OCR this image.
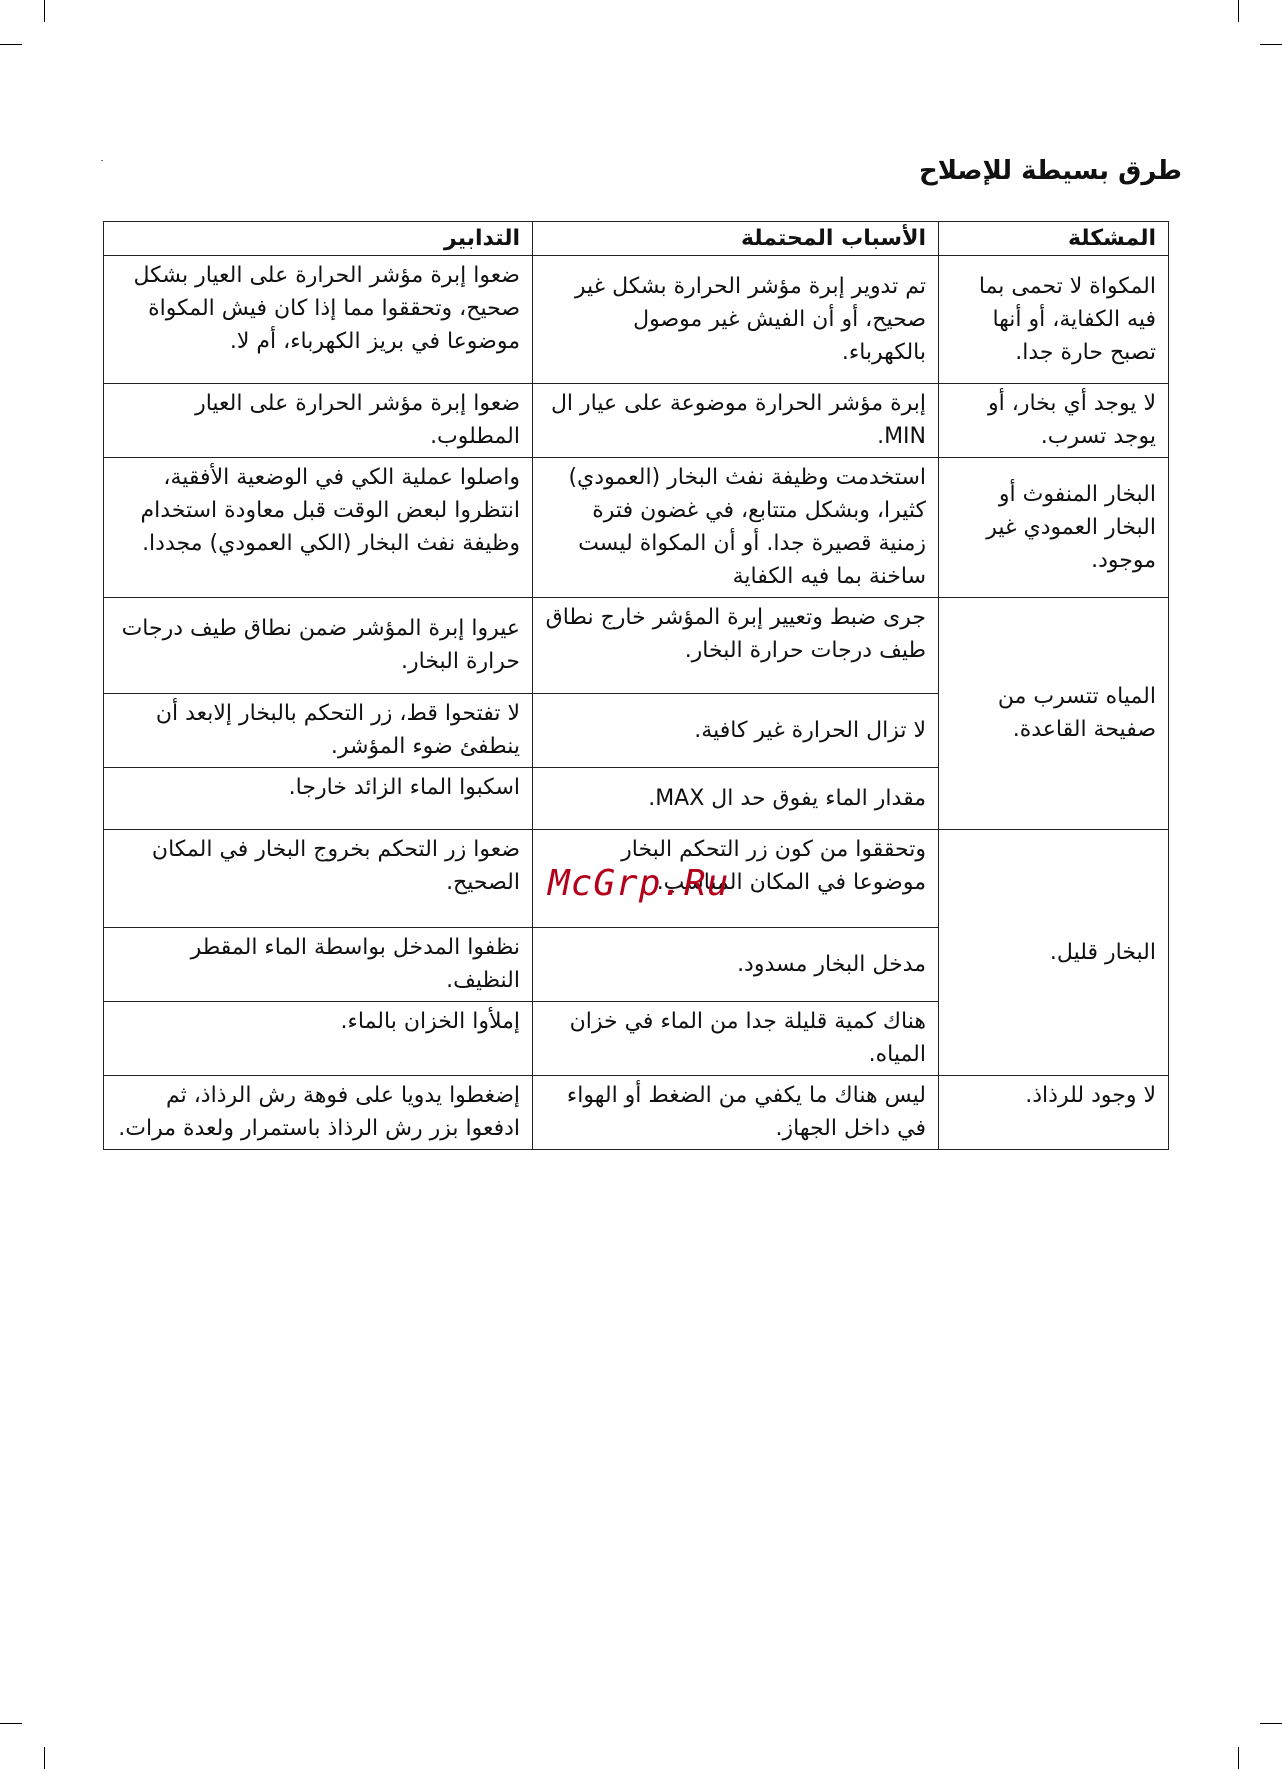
طرق بسيطة للإصلاح
المشكلة	الأسباب المحتملة	التدابير
المكواة لا تحمى بما فيه الكفاية، أو أنها تصبح حارة جدا.	تم تدوير إبرة مؤشر الحرارة بشكل غير صحيح، أو أن الفيش غير موصول بالكهرباء.	ضعوا إبرة مؤشر الحرارة على العيار بشكل صحيح، وتحققوا مما إذا كان فيش المكواة موضوعا في بريز الكهرباء، أم لا.
لا يوجد أي بخار، أو يوجد تسرب.	إبرة مؤشر الحرارة موضوعة على عيار ال MIN.	ضعوا إبرة مؤشر الحرارة على العيار المطلوب.
البخار المنفوث أو البخار العمودي غير موجود.	استخدمت وظيفة نفث البخار (العمودي) كثيرا، وبشكل متتابع، في غضون فترة زمنية قصيرة جدا. أو أن المكواة ليست ساخنة بما فيه الكفاية	واصلوا عملية الكي في الوضعية الأفقية، انتظروا لبعض الوقت قبل معاودة استخدام وظيفة نفث البخار (الكي العمودي) مجددا.
المياه تتسرب من صفيحة القاعدة.	جرى ضبط وتعيير إبرة المؤشر خارج نطاق طيف درجات حرارة البخار.	عيروا إبرة المؤشر ضمن نطاق طيف درجات حرارة البخار.
	لا تزال الحرارة غير كافية.	لا تفتحوا قط، زر التحكم بالبخار إلابعد أن ينطفئ ضوء المؤشر.
	مقدار الماء يفوق حد ال MAX.	اسكبوا الماء الزائد خارجا.
البخار قليل.	وتحققوا من كون زر التحكم البخار موضوعا في المكان المناسب.	ضعوا زر التحكم بخروج البخار في المكان الصحيح.
	مدخل البخار مسدود.	نظفوا المدخل بواسطة الماء المقطر النظيف.
	هناك كمية قليلة جدا من الماء في خزان المياه.	إملأوا الخزان بالماء.
لا وجود للرذاذ.	ليس هناك ما يكفي من الضغط أو الهواء في داخل الجهاز.	إضغطوا يدويا على فوهة رش الرذاذ، ثم ادفعوا بزر رش الرذاذ باستمرار ولعدة مرات.
McGrp.Ru
